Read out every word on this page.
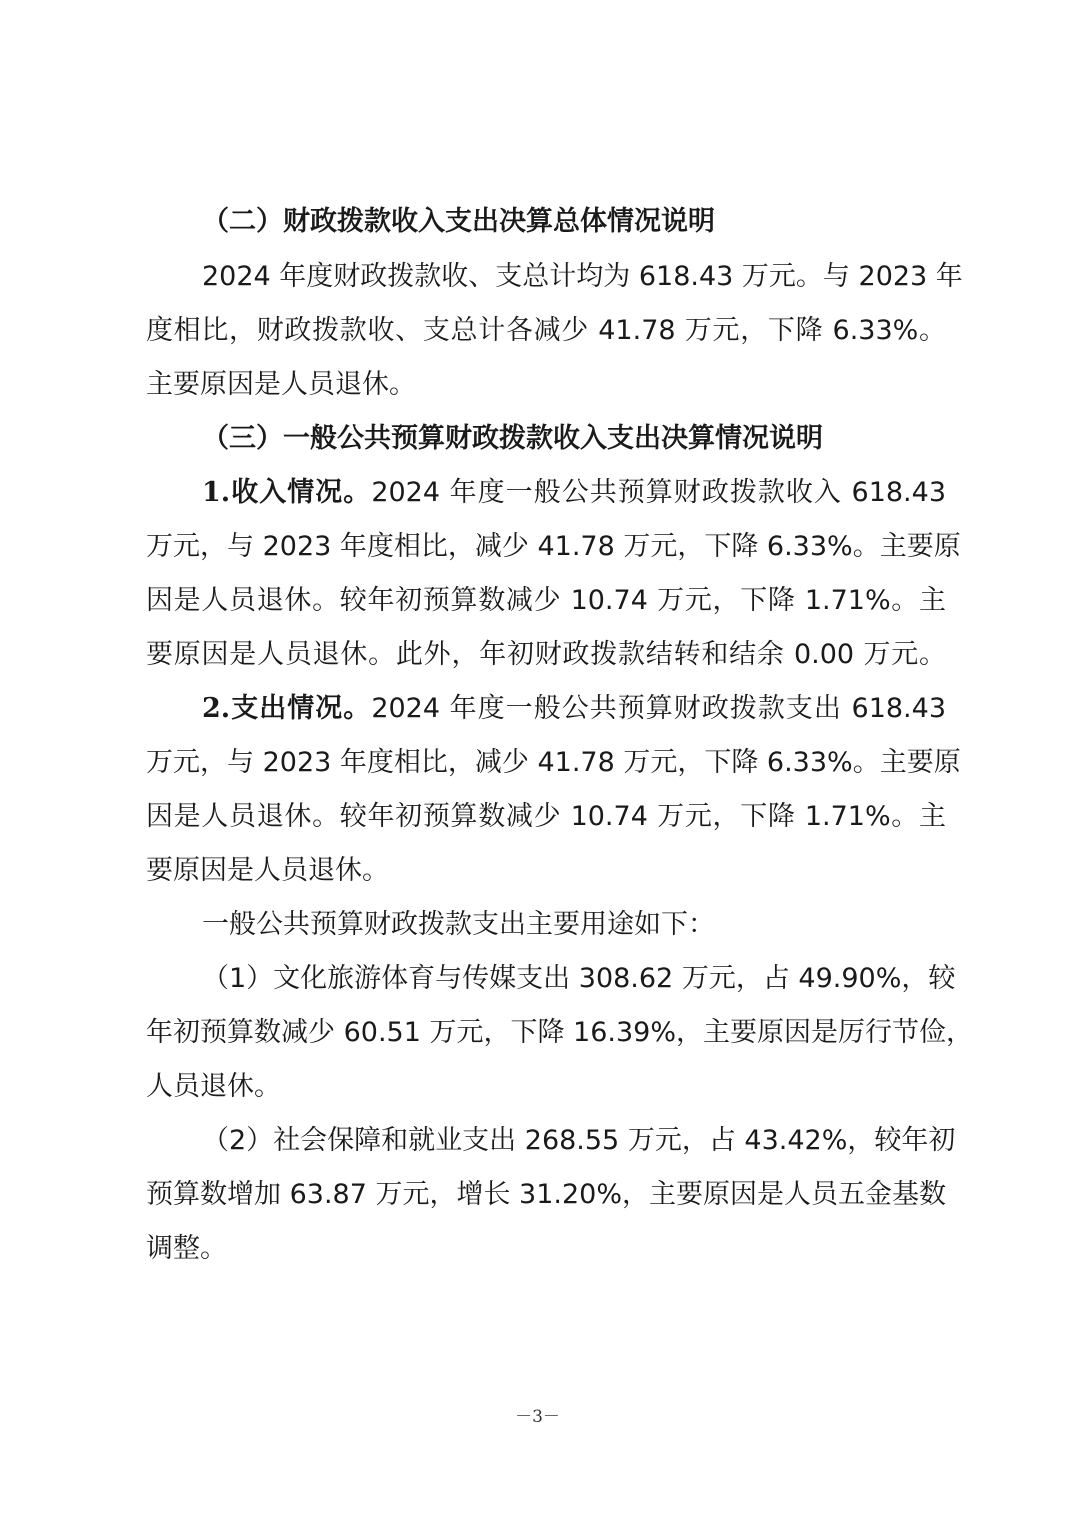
（二）财政拨款收入支出决算总体情况说明
2024 年度财政拨款收、支总计均为 618.43 万元。与 2023 年
度相比，财政拨款收、支总计各减少 41.78 万元，下降 6.33%。
主要原因是人员退休。
（三）一般公共预算财政拨款收入支出决算情况说明
1.收入情况。2024 年度一般公共预算财政拨款收入 618.43
万元，与 2023 年度相比，减少 41.78 万元，下降 6.33%。主要原
因是人员退休。较年初预算数减少 10.74 万元，下降 1.71%。主
要原因是人员退休。此外，年初财政拨款结转和结余 0.00 万元。
2.支出情况。2024 年度一般公共预算财政拨款支出 618.43
万元，与 2023 年度相比，减少 41.78 万元，下降 6.33%。主要原
因是人员退休。较年初预算数减少 10.74 万元，下降 1.71%。主
要原因是人员退休。
一般公共预算财政拨款支出主要用途如下：
（1）文化旅游体育与传媒支出 308.62 万元，占 49.90%，较
年初预算数减少 60.51 万元，下降 16.39%，主要原因是厉行节俭，
人员退休。
（2）社会保障和就业支出 268.55 万元，占 43.42%，较年初
预算数增加 63.87 万元，增长 31.20%，主要原因是人员五金基数
调整。
－3－
